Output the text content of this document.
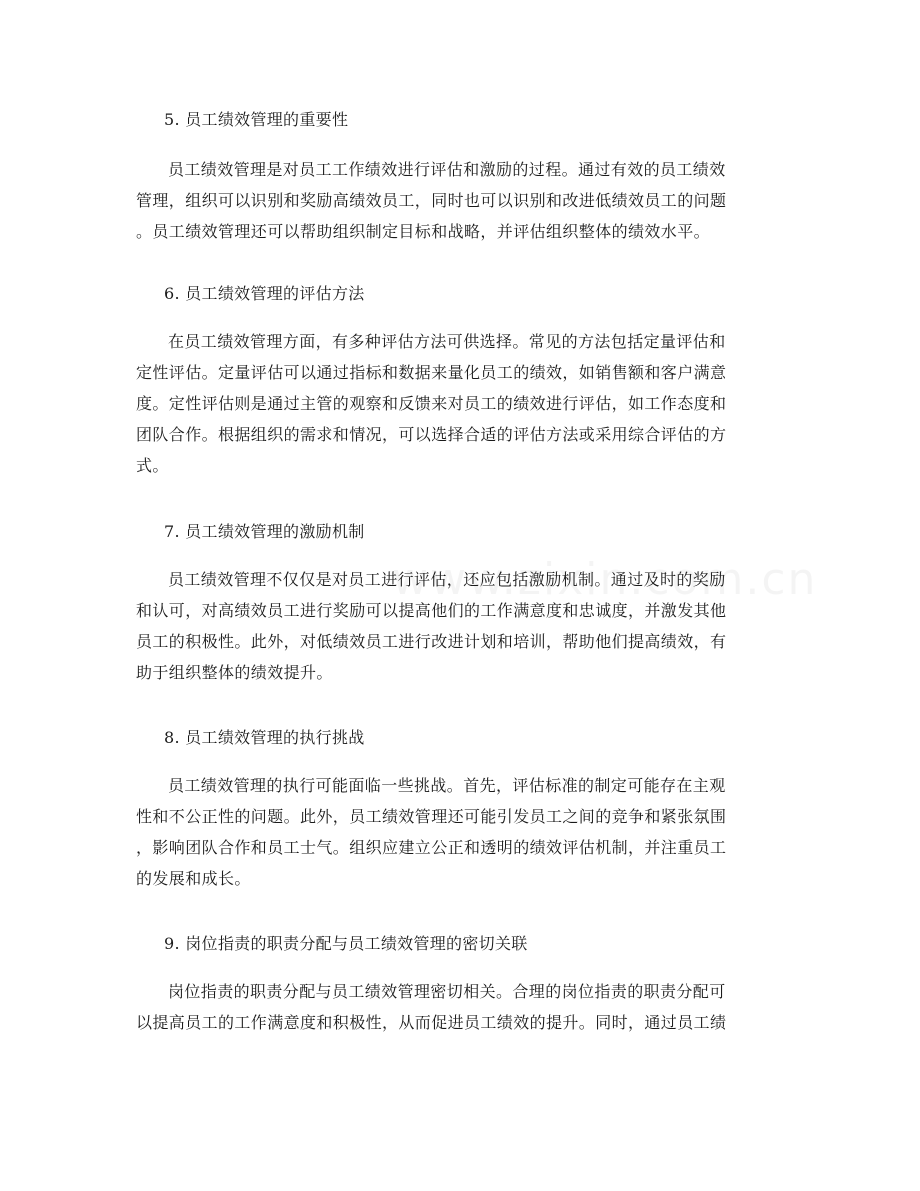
5. 员工绩效管理的重要性
员工绩效管理是对员工工作绩效进行评估和激励的过程。通过有效的员工绩效
管理，组织可以识别和奖励高绩效员工，同时也可以识别和改进低绩效员工的问题
。员工绩效管理还可以帮助组织制定目标和战略，并评估组织整体的绩效水平。
6. 员工绩效管理的评估方法
在员工绩效管理方面，有多种评估方法可供选择。常见的方法包括定量评估和
定性评估。定量评估可以通过指标和数据来量化员工的绩效，如销售额和客户满意
度。定性评估则是通过主管的观察和反馈来对员工的绩效进行评估，如工作态度和
团队合作。根据组织的需求和情况，可以选择合适的评估方法或采用综合评估的方
式。
7. 员工绩效管理的激励机制
员工绩效管理不仅仅是对员工进行评估，还应包括激励机制。通过及时的奖励
和认可，对高绩效员工进行奖励可以提高他们的工作满意度和忠诚度，并激发其他
员工的积极性。此外，对低绩效员工进行改进计划和培训，帮助他们提高绩效，有
助于组织整体的绩效提升。
8. 员工绩效管理的执行挑战
员工绩效管理的执行可能面临一些挑战。首先，评估标准的制定可能存在主观
性和不公正性的问题。此外，员工绩效管理还可能引发员工之间的竞争和紧张氛围
，影响团队合作和员工士气。组织应建立公正和透明的绩效评估机制，并注重员工
的发展和成长。
9. 岗位指责的职责分配与员工绩效管理的密切关联
岗位指责的职责分配与员工绩效管理密切相关。合理的岗位指责的职责分配可
以提高员工的工作满意度和积极性，从而促进员工绩效的提升。同时，通过员工绩
